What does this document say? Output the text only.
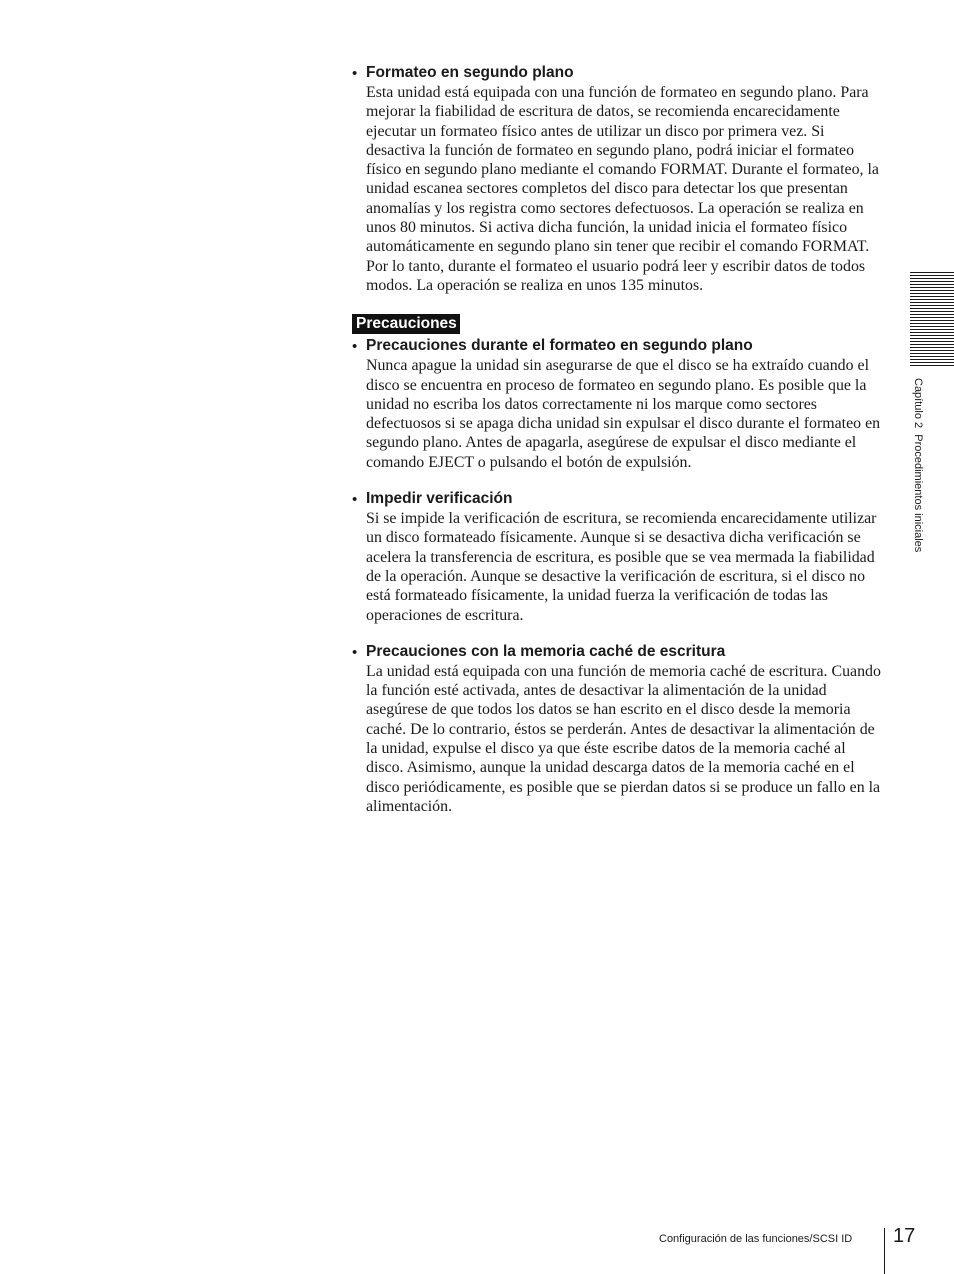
• Formateo en segundo plano

Esta unidad está equipada con una función de formateo en segundo plano. Para mejorar la fiabilidad de escritura de datos, se recomienda encarecidamente ejecutar un formateo físico antes de utilizar un disco por primera vez. Si desactiva la función de formateo en segundo plano, podrá iniciar el formateo físico en segundo plano mediante el comando FORMAT. Durante el formateo, la unidad escanea sectores completos del disco para detectar los que presentan anomalías y los registra como sectores defectuosos. La operación se realiza en unos 80 minutos. Si activa dicha función, la unidad inicia el formateo físico automáticamente en segundo plano sin tener que recibir el comando FORMAT. Por lo tanto, durante el formateo el usuario podrá leer y escribir datos de todos modos. La operación se realiza en unos 135 minutos.

Precauciones
• Precauciones durante el formateo en segundo plano

Nunca apague la unidad sin asegurarse de que el disco se ha extraído cuando el disco se encuentra en proceso de formateo en segundo plano. Es posible que la unidad no escriba los datos correctamente ni los marque como sectores defectuosos si se apaga dicha unidad sin expulsar el disco durante el formateo en segundo plano. Antes de apagarla, asegúrese de expulsar el disco mediante el comando EJECT o pulsando el botón de expulsión.

• Impedir verificación

Si se impide la verificación de escritura, se recomienda encarecidamente utilizar un disco formateado físicamente. Aunque si se desactiva dicha verificación se acelera la transferencia de escritura, es posible que se vea mermada la fiabilidad de la operación. Aunque se desactive la verificación de escritura, si el disco no está formateado físicamente, la unidad fuerza la verificación de todas las operaciones de escritura.

• Precauciones con la memoria caché de escritura

La unidad está equipada con una función de memoria caché de escritura. Cuando la función esté activada, antes de desactivar la alimentación de la unidad asegúrese de que todos los datos se han escrito en el disco desde la memoria caché. De lo contrario, éstos se perderán. Antes de desactivar la alimentación de la unidad, expulse el disco ya que éste escribe datos de la memoria caché al disco. Asimismo, aunque la unidad descarga datos de la memoria caché en el disco periódicamente, es posible que se pierdan datos si se produce un fallo en la alimentación.

Capítulo 2  Procedimientos iniciales
Configuración de las funciones/SCSI ID 17
